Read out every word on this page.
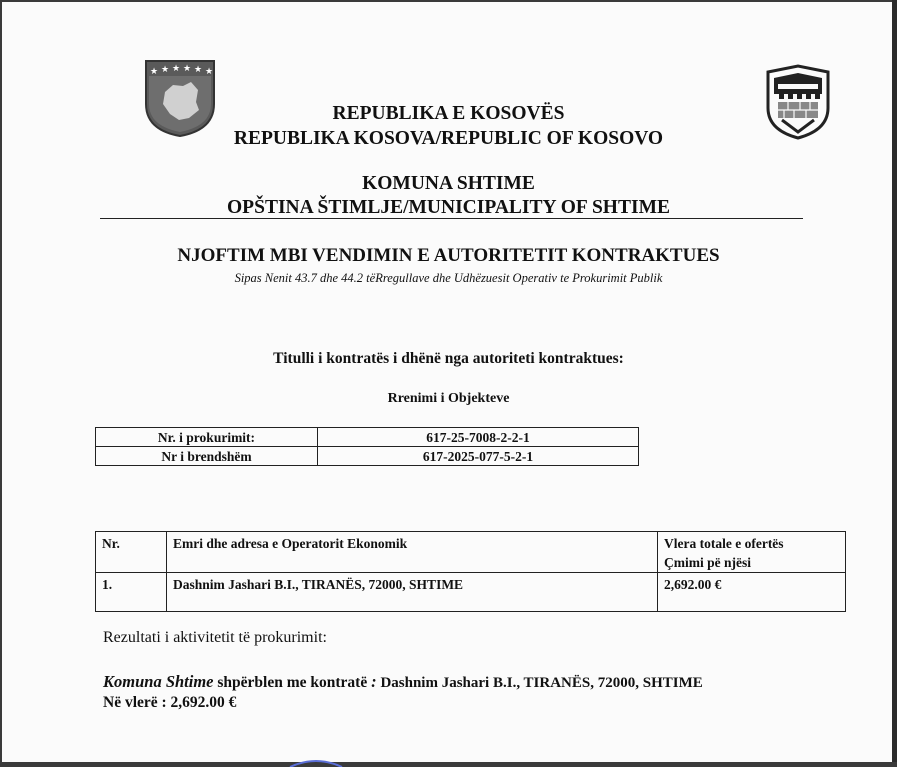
★ ★ ★ ★ ★ ★
REPUBLIKA E KOSOVËS
REPUBLIKA KOSOVA/REPUBLIC OF KOSOVO
KOMUNA SHTIME
OPŠTINA ŠTIMLJE/MUNICIPALITY OF SHTIME
NJOFTIM MBI VENDIMIN E AUTORITETIT KONTRAKTUES
Sipas Nenit 43.7 dhe 44.2 tëRregullave dhe Udhëzuesit Operativ te Prokurimit Publik
Titulli i kontratës i dhënë nga autoriteti kontraktues:
Rrenimi i Objekteve
Nr. i prokurimit:	617-25-7008-2-2-1
Nr i brendshëm	617-2025-077-5-2-1
Nr.	Emri dhe adresa e Operatorit Ekonomik	Vlera totale e ofertës
Çmimi pë njësi
1.	Dashnim Jashari B.I., TIRANËS, 72000, SHTIME	2,692.00 €
Rezultati i aktivitetit të prokurimit:
Komuna Shtime shpërblen me kontratë : Dashnim Jashari B.I., TIRANËS, 72000, SHTIME
Në vlerë : 2,692.00 €
